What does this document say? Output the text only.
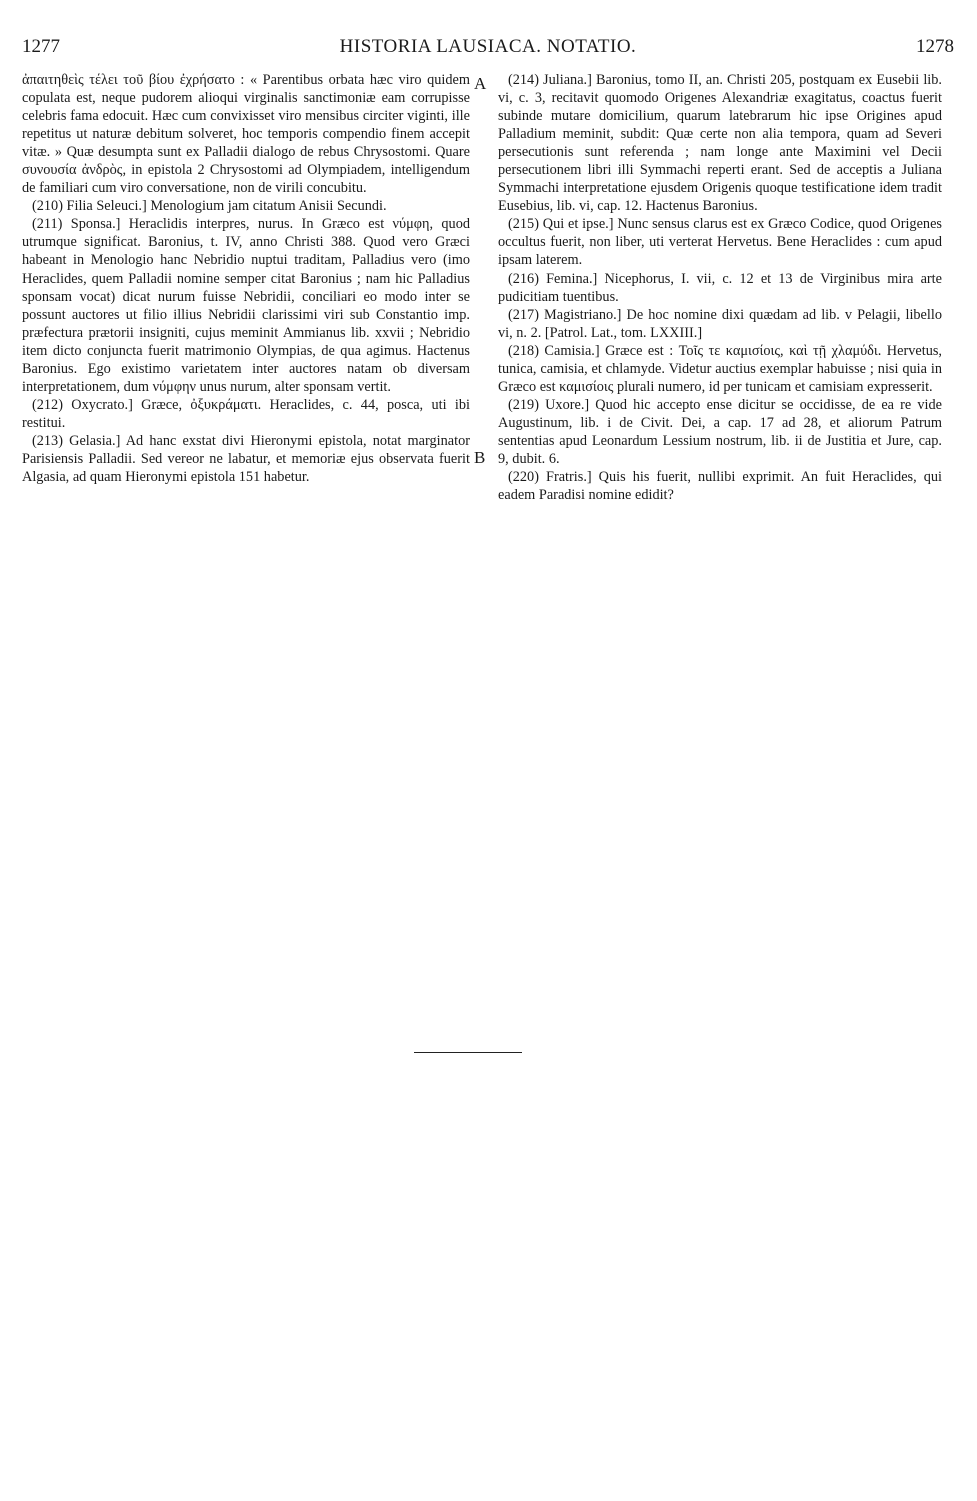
1277	HISTORIA LAUSIACA. NOTATIO.	1278

ἀπαιτηθεὶς τέλει τοῦ βίου ἐχρήσατο : « Parentibus orbata hæc viro quidem copulata est, neque pudorem alioqui virginalis sanctimoniæ eam corrupisse celebris fama edocuit. Hæc cum convixisset viro mensibus circiter viginti, ille repetitus ut naturæ debitum solveret, hoc temporis compendio finem accepit vitæ. » Quæ desumpta sunt ex Palladii dialogo de rebus Chrysostomi. Quare συνουσία ἀνδρὸς, in epistola 2 Chrysostomi ad Olympiadem, intelligendum de familiari cum viro conversatione, non de virili concubitu.

(210) Filia Seleuci.] Menologium jam citatum Anisii Secundi.

(211) Sponsa.] Heraclidis interpres, nurus. In Græco est νύμφη, quod utrumque significat. Baronius, t. IV, anno Christi 388. Quod vero Græci habeant in Menologio hanc Nebridio nuptui traditam, Palladius vero (imo Heraclides, quem Palladii nomine semper citat Baronius ; nam hic Palladius sponsam vocat) dicat nurum fuisse Nebridii, conciliari eo modo inter se possunt auctores ut filio illius Nebridii clarissimi viri sub Constantio imp. præfectura prætorii insigniti, cujus meminit Ammianus lib. xxvii ; Nebridio item dicto conjuncta fuerit matrimonio Olympias, de qua agimus. Hactenus Baronius. Ego existimo varietatem inter auctores natam ob diversam interpretationem, dum νύμφην unus nurum, alter sponsam vertit.

(212) Oxycrato.] Græce, ὀξυκράματι. Heraclides, c. 44, posca, uti ibi restitui.

(213) Gelasia.] Ad hanc exstat divi Hieronymi epistola, notat marginator Parisiensis Palladii. Sed vereor ne labatur, et memoriæ ejus observata fuerit Algasia, ad quam Hieronymi epistola 151 habetur.

(214) Juliana.] Baronius, tomo II, an. Christi 205, postquam ex Eusebii lib. vi, c. 3, recitavit quomodo Origenes Alexandriæ exagitatus, coactus fuerit subinde mutare domicilium, quarum latebrarum hic ipse Origines apud Palladium meminit, subdit: Quæ certe non alia tempora, quam ad Severi persecutionis sunt referenda ; nam longe ante Maximini vel Decii persecutionem libri illi Symmachi reperti erant. Sed de acceptis a Juliana Symmachi interpretatione ejusdem Origenis quoque testificatione idem tradit Eusebius, lib. vi, cap. 12. Hactenus Baronius.

(215) Qui et ipse.] Nunc sensus clarus est ex Græco Codice, quod Origenes occultus fuerit, non liber, uti verterat Hervetus. Bene Heraclides : cum apud ipsam laterem.

(216) Femina.] Nicephorus, I. vii, c. 12 et 13 de Virginibus mira arte pudicitiam tuentibus.

(217) Magistriano.] De hoc nomine dixi quædam ad lib. v Pelagii, libello vi, n. 2. [Patrol. Lat., tom. LXXIII.]

(218) Camisia.] Græce est : Τοῖς τε καμισίοις, καὶ τῇ χλαμύδι. Hervetus, tunica, camisia, et chlamyde. Videtur auctius exemplar habuisse ; nisi quia in Græco est καμισίοις plurali numero, id per tunicam et camisiam expresserit.

(219) Uxore.] Quod hic accepto ense dicitur se occidisse, de ea re vide Augustinum, lib. i de Civit. Dei, a cap. 17 ad 28, et aliorum Patrum sententias apud Leonardum Lessium nostrum, lib. ii de Justitia et Jure, cap. 9, dubit. 6.

(220) Fratris.] Quis his fuerit, nullibi exprimit. An fuit Heraclides, qui eadem Paradisi nomine edidit?

A
B
